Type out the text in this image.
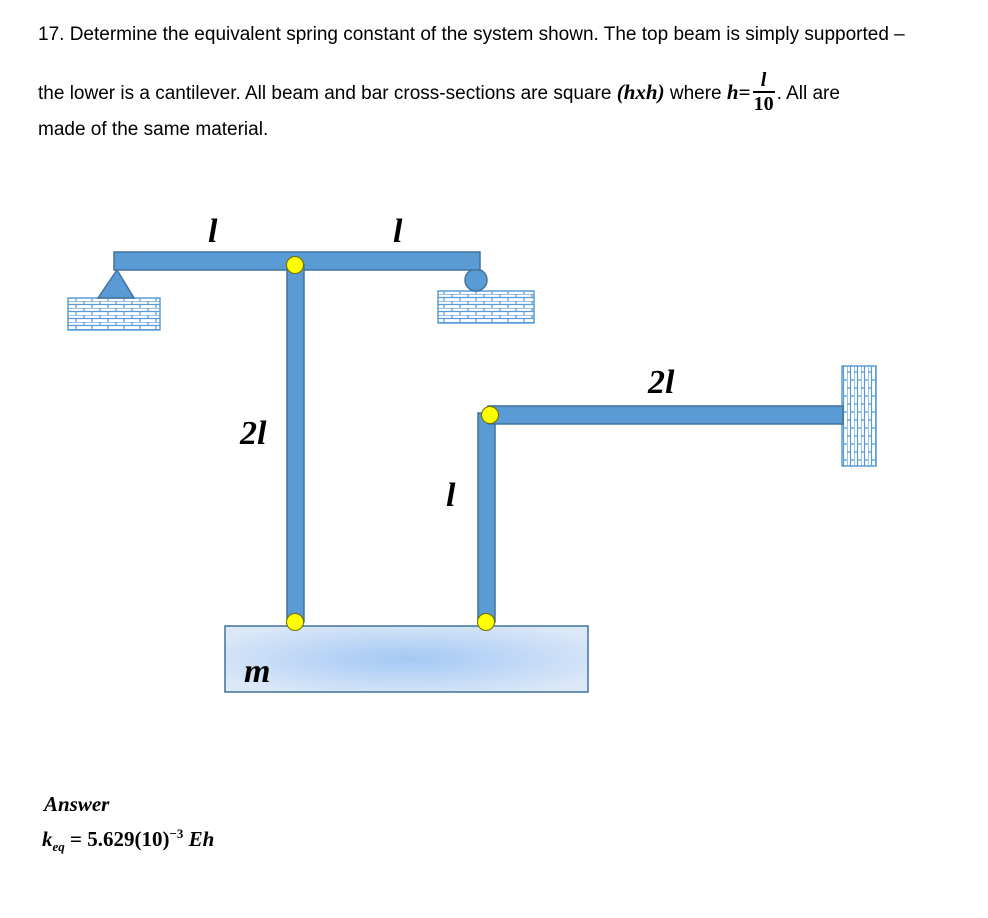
17. Determine the equivalent spring constant of the system shown. The top beam is simply supported –
the lower is a cantilever. All beam and bar cross-sections are square (hxh) where $h= \frac{l}{10}$ . All are
made of the same material.
l	l
2l
l
2l
m
Answer
$k_{eq} = 5.629(10)^{-3}$ Eh
